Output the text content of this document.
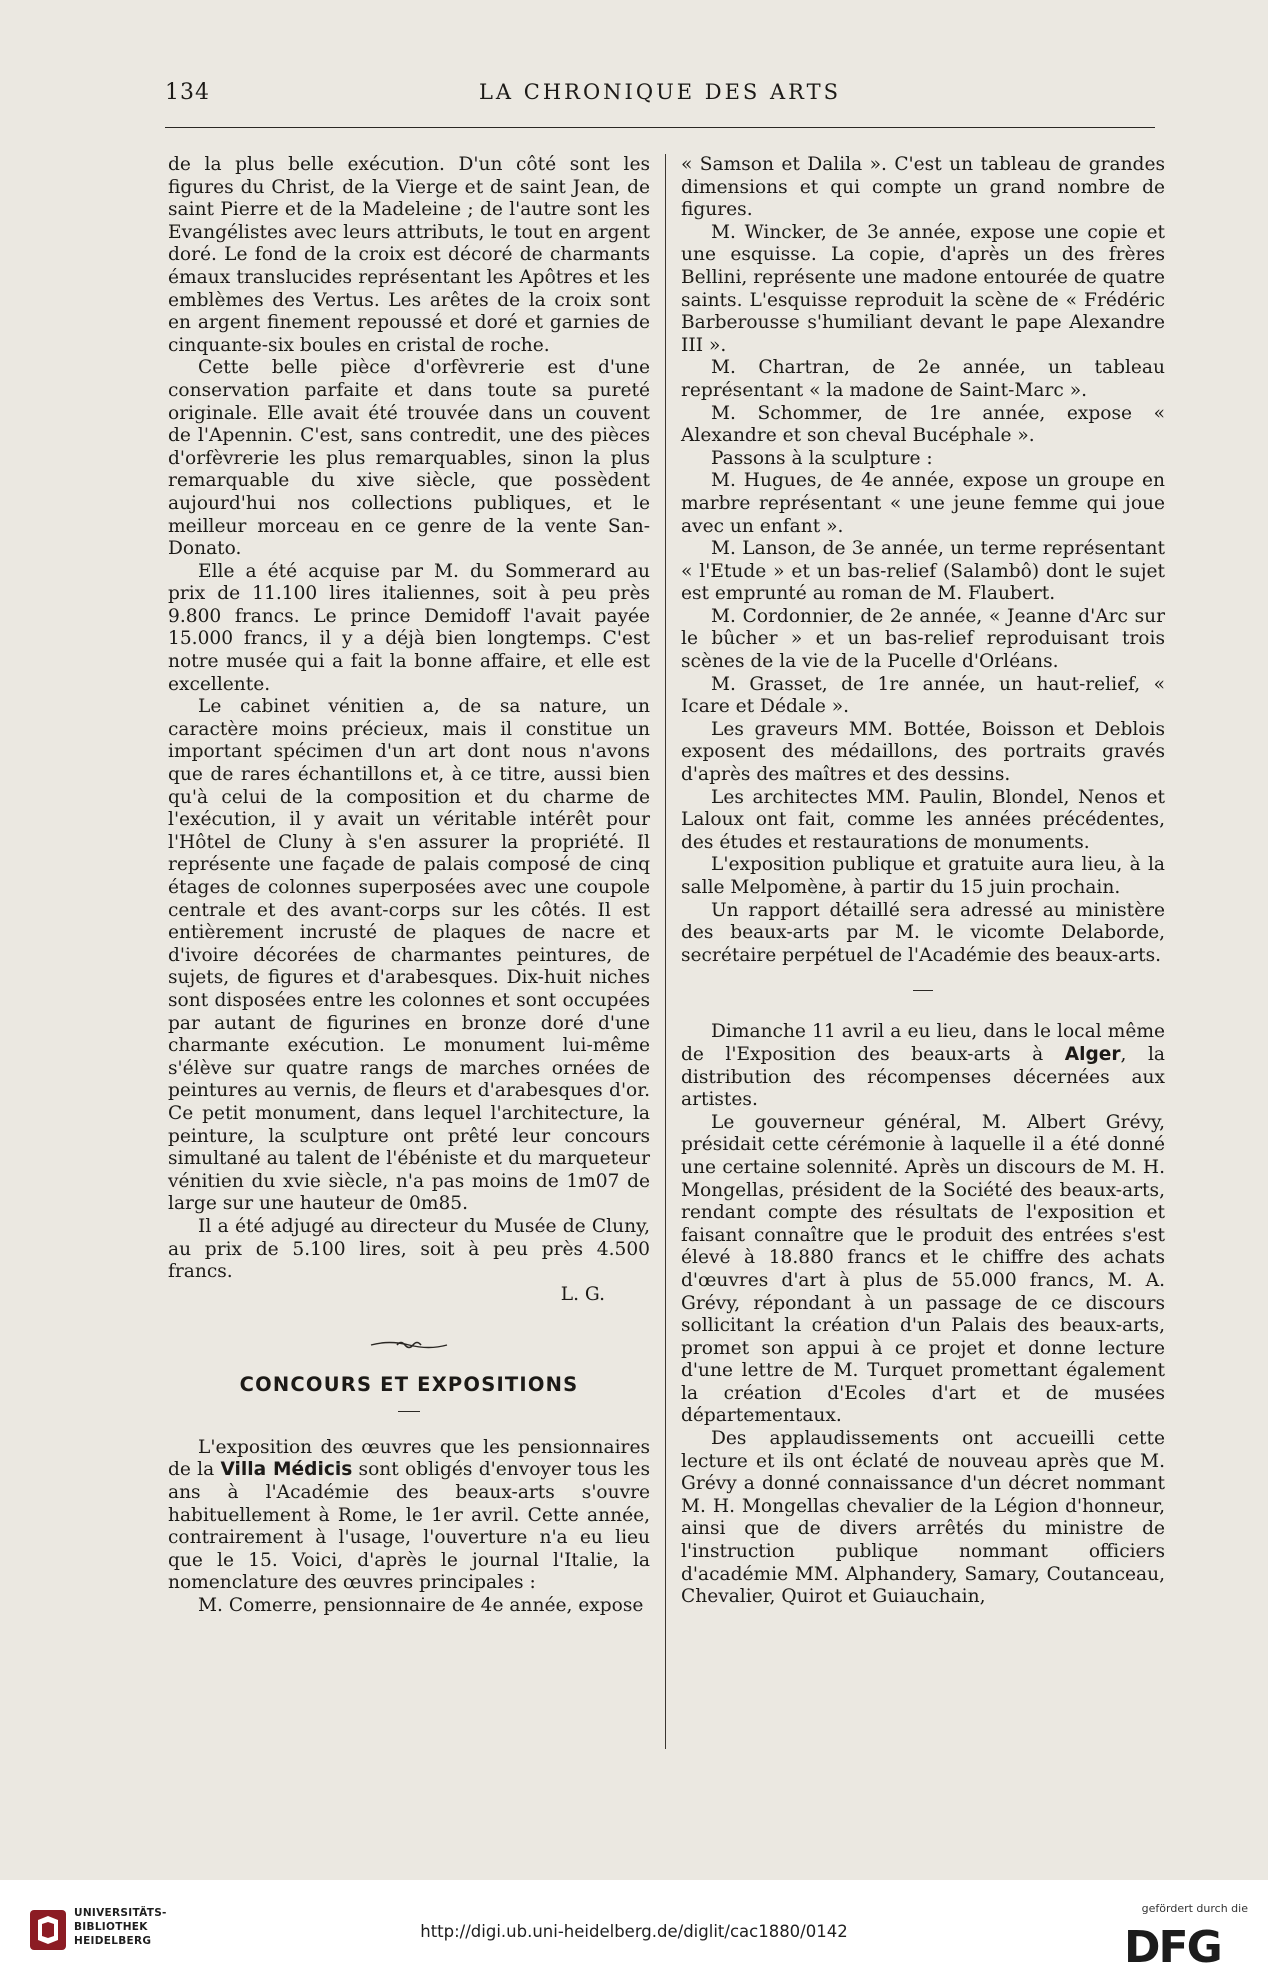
134	LA CHRONIQUE DES ARTS

de la plus belle exécution. D'un côté sont les figures du Christ, de la Vierge et de saint Jean, de saint Pierre et de la Madeleine ; de l'autre sont les Evangélistes avec leurs attributs, le tout en argent doré. Le fond de la croix est décoré de charmants émaux translucides représentant les Apôtres et les emblèmes des Vertus. Les arêtes de la croix sont en argent finement repoussé et doré et garnies de cinquante-six boules en cristal de roche.

Cette belle pièce d'orfèvrerie est d'une conservation parfaite et dans toute sa pureté originale. Elle avait été trouvée dans un couvent de l'Apennin. C'est, sans contredit, une des pièces d'orfèvrerie les plus remarquables, sinon la plus remarquable du xive siècle, que possèdent aujourd'hui nos collections publiques, et le meilleur morceau en ce genre de la vente San-Donato.

Elle a été acquise par M. du Sommerard au prix de 11.100 lires italiennes, soit à peu près 9.800 francs. Le prince Demidoff l'avait payée 15.000 francs, il y a déjà bien longtemps. C'est notre musée qui a fait la bonne affaire, et elle est excellente.

Le cabinet vénitien a, de sa nature, un caractère moins précieux, mais il constitue un important spécimen d'un art dont nous n'avons que de rares échantillons et, à ce titre, aussi bien qu'à celui de la composition et du charme de l'exécution, il y avait un véritable intérêt pour l'Hôtel de Cluny à s'en assurer la propriété. Il représente une façade de palais composé de cinq étages de colonnes superposées avec une coupole centrale et des avant-corps sur les côtés. Il est entièrement incrusté de plaques de nacre et d'ivoire décorées de charmantes peintures, de sujets, de figures et d'arabesques. Dix-huit niches sont disposées entre les colonnes et sont occupées par autant de figurines en bronze doré d'une charmante exécution. Le monument lui-même s'élève sur quatre rangs de marches ornées de peintures au vernis, de fleurs et d'arabesques d'or. Ce petit monument, dans lequel l'architecture, la peinture, la sculpture ont prêté leur concours simultané au talent de l'ébéniste et du marqueteur vénitien du xvie siècle, n'a pas moins de 1m07 de large sur une hauteur de 0m85.

Il a été adjugé au directeur du Musée de Cluny, au prix de 5.100 lires, soit à peu près 4.500 francs.

L. G.

CONCOURS ET EXPOSITIONS

L'exposition des œuvres que les pensionnaires de la Villa Médicis sont obligés d'envoyer tous les ans à l'Académie des beaux-arts s'ouvre habituellement à Rome, le 1er avril. Cette année, contrairement à l'usage, l'ouverture n'a eu lieu que le 15. Voici, d'après le journal l'Italie, la nomenclature des œuvres principales :

M. Comerre, pensionnaire de 4e année, expose

« Samson et Dalila ». C'est un tableau de grandes dimensions et qui compte un grand nombre de figures.

M. Wincker, de 3e année, expose une copie et une esquisse. La copie, d'après un des frères Bellini, représente une madone entourée de quatre saints. L'esquisse reproduit la scène de « Frédéric Barberousse s'humiliant devant le pape Alexandre III ».

M. Chartran, de 2e année, un tableau représentant « la madone de Saint-Marc ».

M. Schommer, de 1re année, expose « Alexandre et son cheval Bucéphale ».

Passons à la sculpture :

M. Hugues, de 4e année, expose un groupe en marbre représentant « une jeune femme qui joue avec un enfant ».

M. Lanson, de 3e année, un terme représentant « l'Etude » et un bas-relief (Salambô) dont le sujet est emprunté au roman de M. Flaubert.

M. Cordonnier, de 2e année, « Jeanne d'Arc sur le bûcher » et un bas-relief reproduisant trois scènes de la vie de la Pucelle d'Orléans.

M. Grasset, de 1re année, un haut-relief, « Icare et Dédale ».

Les graveurs MM. Bottée, Boisson et Deblois exposent des médaillons, des portraits gravés d'après des maîtres et des dessins.

Les architectes MM. Paulin, Blondel, Nenos et Laloux ont fait, comme les années précédentes, des études et restaurations de monuments.

L'exposition publique et gratuite aura lieu, à la salle Melpomène, à partir du 15 juin prochain.

Un rapport détaillé sera adressé au ministère des beaux-arts par M. le vicomte Delaborde, secrétaire perpétuel de l'Académie des beaux-arts.

Dimanche 11 avril a eu lieu, dans le local même de l'Exposition des beaux-arts à Alger, la distribution des récompenses décernées aux artistes.

Le gouverneur général, M. Albert Grévy, présidait cette cérémonie à laquelle il a été donné une certaine solennité. Après un discours de M. H. Mongellas, président de la Société des beaux-arts, rendant compte des résultats de l'exposition et faisant connaître que le produit des entrées s'est élevé à 18.880 francs et le chiffre des achats d'œuvres d'art à plus de 55.000 francs, M. A. Grévy, répondant à un passage de ce discours sollicitant la création d'un Palais des beaux-arts, promet son appui à ce projet et donne lecture d'une lettre de M. Turquet promettant également la création d'Ecoles d'art et de musées départementaux.

Des applaudissements ont accueilli cette lecture et ils ont éclaté de nouveau après que M. Grévy a donné connaissance d'un décret nommant M. H. Mongellas chevalier de la Légion d'honneur, ainsi que de divers arrêtés du ministre de l'instruction publique nommant officiers d'académie MM. Alphandery, Samary, Coutanceau, Chevalier, Quirot et Guiauchain,

UNIVERSITÄTS-
BIBLIOTHEK
HEIDELBERG	http://digi.ub.uni-heidelberg.de/diglit/cac1880/0142
gefördert durch die
DFG
